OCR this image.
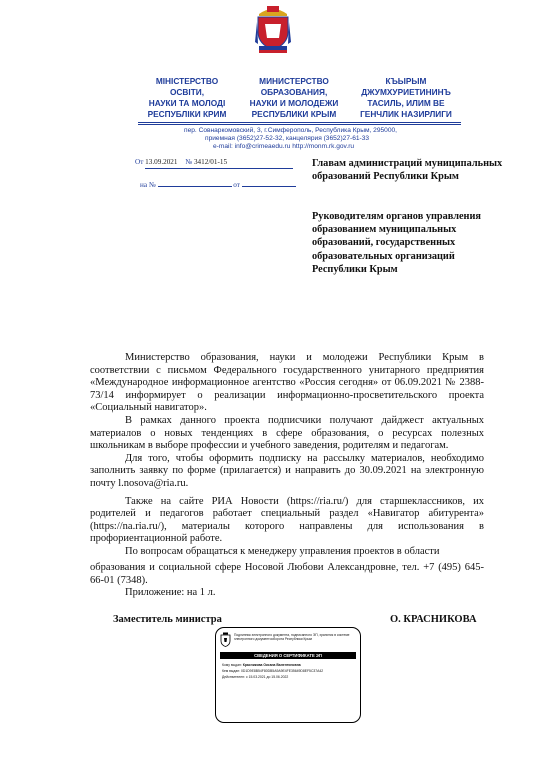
МІНІСТЕРСТВО
ОСВІТИ,
НАУКИ ТА МОЛОДІ
РЕСПУБЛІКИ КРИМ
МИНИСТЕРСТВО
ОБРАЗОВАНИЯ,
НАУКИ И МОЛОДЕЖИ
РЕСПУБЛИКИ КРЫМ
КЪЫРЫМ
ДЖУМХУРИЕТИНИНЪ
ТАСИЛЬ, ИЛИМ ВЕ
ГЕНЧЛИК НАЗИРЛИГИ
пер. Совнаркомовский, 3, г.Симферополь, Республика Крым, 295000,
приемная (3652)27-52-32, канцелярия (3652)27-61-33
e-mail: info@crimeaedu.ru http://monm.rk.gov.ru
От 13.09.2021 № 3412/01-15
на №	от
Главам администраций муниципальных образований Республики Крым
Руководителям органов управления образованием муниципальных образований, государственных образовательных организаций Республики Крым

Министерство образования, науки и молодежи Республики Крым в соответствии с письмом Федерального государственного унитарного предприятия «Международное информационное агентство «Россия сегодня» от 06.09.2021 № 2388-73/14 информирует о реализации информационно-просветительского проекта «Социальный навигатор».

В рамках данного проекта подписчики получают дайджест актуальных материалов о новых тенденциях в сфере образования, о ресурсах полезных школьникам в выборе профессии и учебного заведения, родителям и педагогам.

Для того, чтобы оформить подписку на рассылку материалов, необходимо заполнить заявку по форме (прилагается) и направить до 30.09.2021 на электронную почту l.nosova@ria.ru.

Также на сайте РИА Новости (https://ria.ru/) для старшеклассников, их родителей и педагогов работает специальный раздел «Навигатор абитурента» (https://na.ria.ru/), материалы которого направлены для использования в профориентационной работе.

По вопросам обращаться к менеджеру управления проектов в области

образования и социальной сфере Носовой Любови Александровне, тел. +7 (495) 645-66-01 (7348).

Приложение: на 1 л.

Заместитель министра	О. КРАСНИКОВА
Подлинник электронного документа, подписанного ЭП, хранится в системе электронного документооборота Республики Крым
СВЕДЕНИЯ О СЕРТИФИКАТЕ ЭП
Кому выдан: Красникова Оксана Валентиновна
Кем выдан: 0D1D9E8B54F80DB5A9A9E4FE35649D8EF5C37A42
Действителен: с 15.03.2021 до 15.06.2022
